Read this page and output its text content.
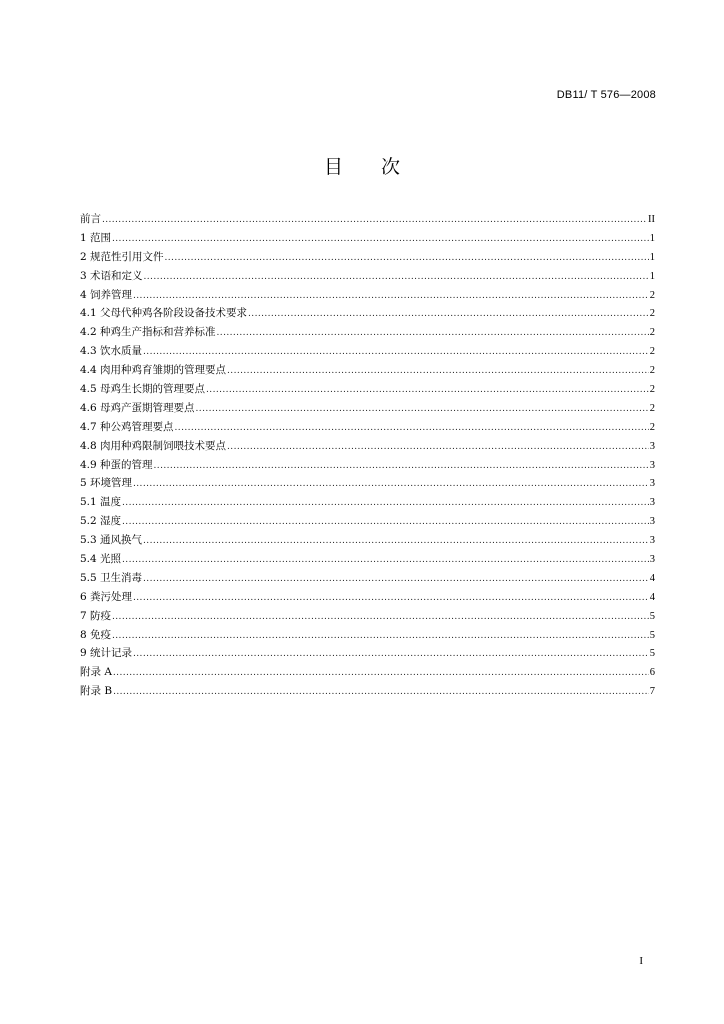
DB11/ T 576—2008
目 次
前言 .....	II
1 范围 .....	1
2 规范性引用文件 .....	1
3 术语和定义 .....	1
4 饲养管理 .....	2
4.1 父母代种鸡各阶段设备技术要求 .....	2
4.2 种鸡生产指标和营养标准 .....	2
4.3 饮水质量 .....	2
4.4 肉用种鸡育雏期的管理要点 .....	2
4.5 母鸡生长期的管理要点 .....	2
4.6 母鸡产蛋期管理要点 .....	2
4.7 种公鸡管理要点 .....	2
4.8 肉用种鸡限制饲喂技术要点 .....	3
4.9 种蛋的管理 .....	3
5 环境管理 .....	3
5.1 温度 .....	3
5.2 湿度 .....	3
5.3 通风换气 .....	3
5.4 光照 .....	3
5.5 卫生消毒 .....	4
6 粪污处理 .....	4
7 防疫 .....	5
8 免疫 .....	5
9 统计记录 .....	5
附录 A .....	6
附录 B .....	7
I
